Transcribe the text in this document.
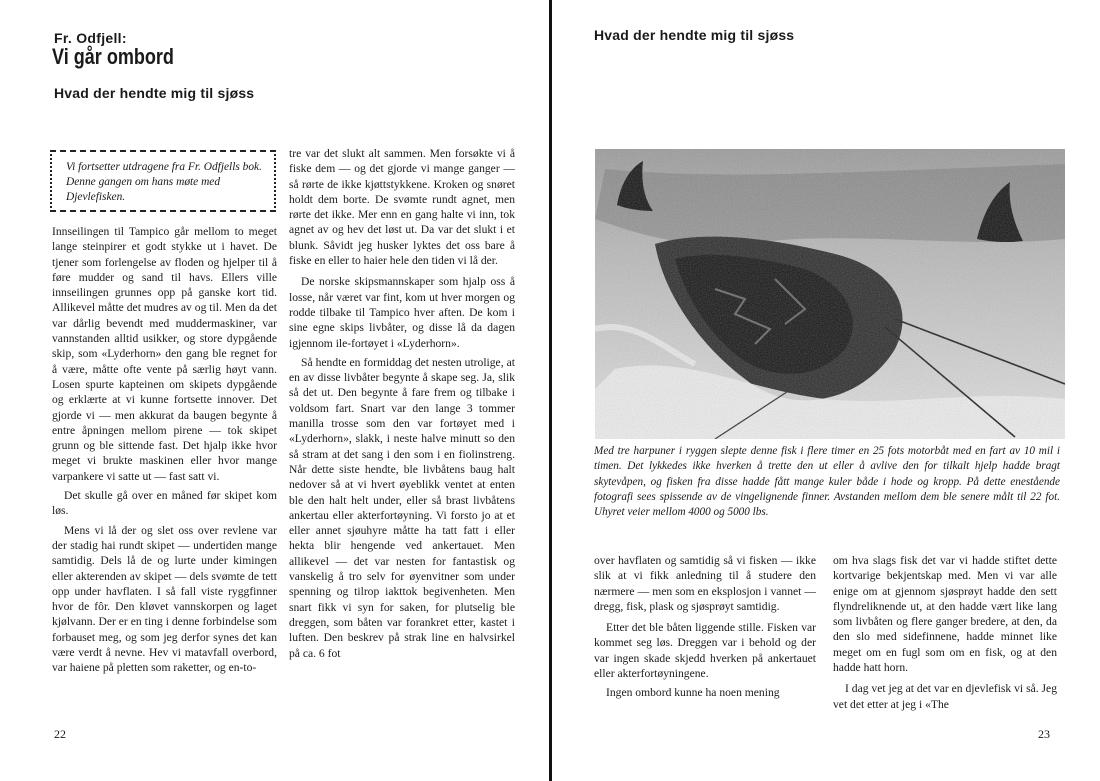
Fr. Odfjell:
Vi går ombord
Hvad der hendte mig til sjøss
Vi fortsetter utdragene fra Fr. Odfjells bok. Denne gangen om hans møte med Djevlefisken.

Innseilingen til Tampico går mellom to meget lange steinpirer et godt stykke ut i havet. De tjener som forlengelse av floden og hjelper til å føre mudder og sand til havs. Ellers ville innseilingen grunnes opp på ganske kort tid. Allikevel måtte det mudres av og til. Men da det var dårlig bevendt med muddermaskiner, var vannstanden alltid usikker, og store dypgående skip, som «Lyderhorn» den gang ble regnet for å være, måtte ofte vente på særlig høyt vann. Losen spurte kapteinen om skipets dypgående og erklærte at vi kunne fortsette innover. Det gjorde vi — men akkurat da baugen begynte å entre åpningen mellom pirene — tok skipet grunn og ble sittende fast. Det hjalp ikke hvor meget vi brukte maskinen eller hvor mange varpankere vi satte ut — fast satt vi.

Det skulle gå over en måned før skipet kom løs.

Mens vi lå der og slet oss over revlene var der stadig hai rundt skipet — undertiden mange samtidig. Dels lå de og lurte under kimingen eller akterenden av skipet — dels svømte de tett opp under havflaten. I så fall viste ryggfinner hvor de fôr. Den kløvet vannskorpen og laget kjølvann. Der er en ting i denne forbindelse som forbauset meg, og som jeg derfor synes det kan være verdt å nevne. Hev vi matavfall overbord, var haiene på pletten som raketter, og en-to-

tre var det slukt alt sammen. Men forsøkte vi å fiske dem — og det gjorde vi mange ganger — så rørte de ikke kjøttstykkene. Kroken og snøret holdt dem borte. De svømte rundt agnet, men rørte det ikke. Mer enn en gang halte vi inn, tok agnet av og hev det løst ut. Da var det slukt i et blunk. Såvidt jeg husker lyktes det oss bare å fiske en eller to haier hele den tiden vi lå der.

De norske skipsmannskaper som hjalp oss å losse, når været var fint, kom ut hver morgen og rodde tilbake til Tampico hver aften. De kom i sine egne skips livbåter, og disse lå da dagen igjennom ile-fortøyet i «Lyderhorn».

Så hendte en formiddag det nesten utrolige, at en av disse livbåter begynte å skape seg. Ja, slik så det ut. Den begynte å fare frem og tilbake i voldsom fart. Snart var den lange 3 tommer manilla trosse som den var fortøyet med i «Lyderhorn», slakk, i neste halve minutt so den så stram at det sang i den som i en fiolinstreng. Når dette siste hendte, ble livbåtens baug halt nedover så at vi hvert øyeblikk ventet at enten ble den halt helt under, eller så brast livbåtens ankertau eller akterfortøyning. Vi forsto jo at et eller annet sjøuhyre måtte ha tatt fatt i eller hekta blir hengende ved ankertauet. Men allikevel — det var nesten for fantastisk og vanskelig å tro selv for øyenvitner som under spenning og tilrop iakttok begivenheten. Men snart fikk vi syn for saken, for plutselig ble dreggen, som båten var forankret etter, kastet i luften. Den beskrev på strak line en halvsirkel på ca. 6 fot

22
Hvad der hendte mig til sjøss
Med tre harpuner i ryggen slepte denne fisk i flere timer en 25 fots motorbåt med en fart av 10 mil i timen. Det lykkedes ikke hverken å trette den ut eller å avlive den for tilkalt hjelp hadde bragt skytevåpen, og fisken fra disse hadde fått mange kuler både i hode og kropp. På dette enestående fotografi sees spissende av de vingelignende finner. Avstanden mellom dem ble senere målt til 22 fot. Uhyret veier mellom 4000 og 5000 lbs.

over havflaten og samtidig så vi fisken — ikke slik at vi fikk anledning til å studere den nærmere — men som en eksplosjon i vannet — dregg, fisk, plask og sjøsprøyt samtidig.

Etter det ble båten liggende stille. Fisken var kommet seg løs. Dreggen var i behold og der var ingen skade skjedd hverken på ankertauet eller akterfortøyningene.

Ingen ombord kunne ha noen mening

om hva slags fisk det var vi hadde stiftet dette kortvarige bekjentskap med. Men vi var alle enige om at gjennom sjøsprøyt hadde den sett flyndreliknende ut, at den hadde vært like lang som livbåten og flere ganger bredere, at den, da den slo med sidefinnene, hadde minnet like meget om en fugl som om en fisk, og at den hadde hatt horn.

I dag vet jeg at det var en djevlefisk vi så. Jeg vet det etter at jeg i «The

23
